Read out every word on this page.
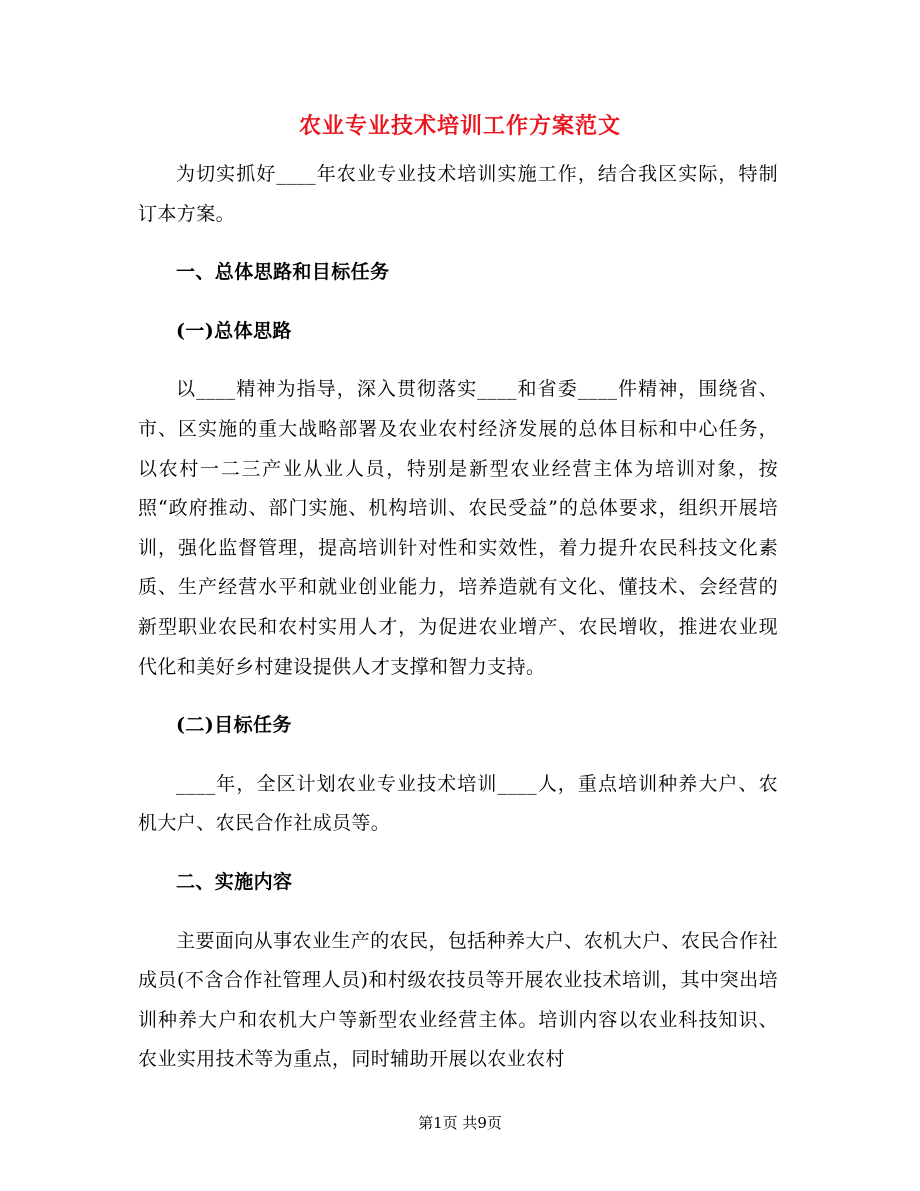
农业专业技术培训工作方案范文

为切实抓好____年农业专业技术培训实施工作，结合我区实际，特制订本方案。

一、总体思路和目标任务

(一)总体思路

以____精神为指导，深入贯彻落实____和省委____件精神，围绕省、市、区实施的重大战略部署及农业农村经济发展的总体目标和中心任务，以农村一二三产业从业人员，特别是新型农业经营主体为培训对象，按照“政府推动、部门实施、机构培训、农民受益”的总体要求，组织开展培训，强化监督管理，提高培训针对性和实效性，着力提升农民科技文化素质、生产经营水平和就业创业能力，培养造就有文化、懂技术、会经营的新型职业农民和农村实用人才，为促进农业增产、农民增收，推进农业现代化和美好乡村建设提供人才支撑和智力支持。

(二)目标任务

____年，全区计划农业专业技术培训____人，重点培训种养大户、农机大户、农民合作社成员等。

二、实施内容

主要面向从事农业生产的农民，包括种养大户、农机大户、农民合作社成员(不含合作社管理人员)和村级农技员等开展农业技术培训，其中突出培训种养大户和农机大户等新型农业经营主体。培训内容以农业科技知识、农业实用技术等为重点，同时辅助开展以农业农村

第1页 共9页
